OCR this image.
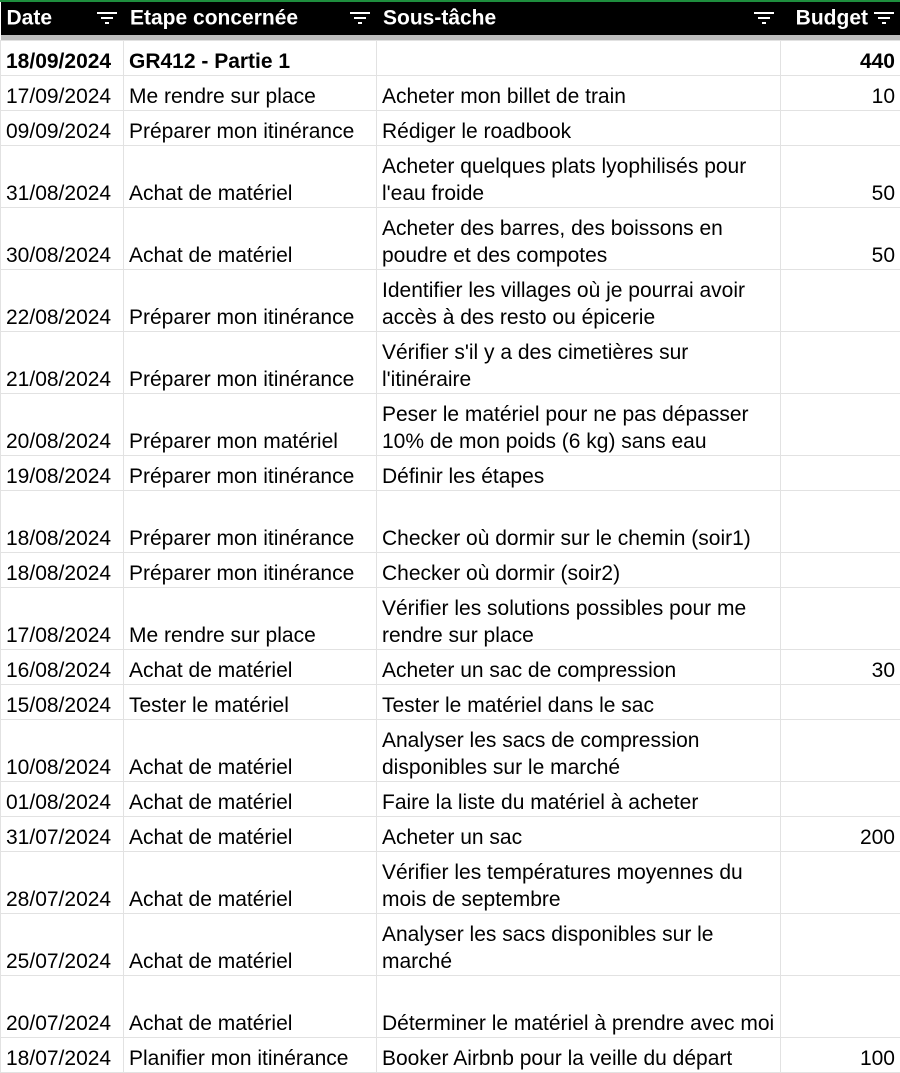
Date	Etape concernée	Sous-tâche	Budget

18/09/2024	GR412 - Partie 1		440
17/09/2024	Me rendre sur place	Acheter mon billet de train	10
09/09/2024	Préparer mon itinérance	Rédiger le roadbook	
31/08/2024	Achat de matériel	Acheter quelques plats lyophilisés pour l'eau froide	50
30/08/2024	Achat de matériel	Acheter des barres, des boissons en poudre et des compotes	50
22/08/2024	Préparer mon itinérance	Identifier les villages où je pourrai avoir accès à des resto ou épicerie	
21/08/2024	Préparer mon itinérance	Vérifier s'il y a des cimetières sur l'itinéraire	
20/08/2024	Préparer mon matériel	Peser le matériel pour ne pas dépasser 10% de mon poids (6 kg) sans eau	
19/08/2024	Préparer mon itinérance	Définir les étapes	
18/08/2024	Préparer mon itinérance	Checker où dormir sur le chemin (soir1)	
18/08/2024	Préparer mon itinérance	Checker où dormir (soir2)	
17/08/2024	Me rendre sur place	Vérifier les solutions possibles pour me rendre sur place	
16/08/2024	Achat de matériel	Acheter un sac de compression	30
15/08/2024	Tester le matériel	Tester le matériel dans le sac	
10/08/2024	Achat de matériel	Analyser les sacs de compression disponibles sur le marché	
01/08/2024	Achat de matériel	Faire la liste du matériel à acheter	
31/07/2024	Achat de matériel	Acheter un sac	200
28/07/2024	Achat de matériel	Vérifier les températures moyennes du mois de septembre	
25/07/2024	Achat de matériel	Analyser les sacs disponibles sur le marché	
20/07/2024	Achat de matériel	Déterminer le matériel à prendre avec moi	
18/07/2024	Planifier mon itinérance	Booker Airbnb pour la veille du départ	100
